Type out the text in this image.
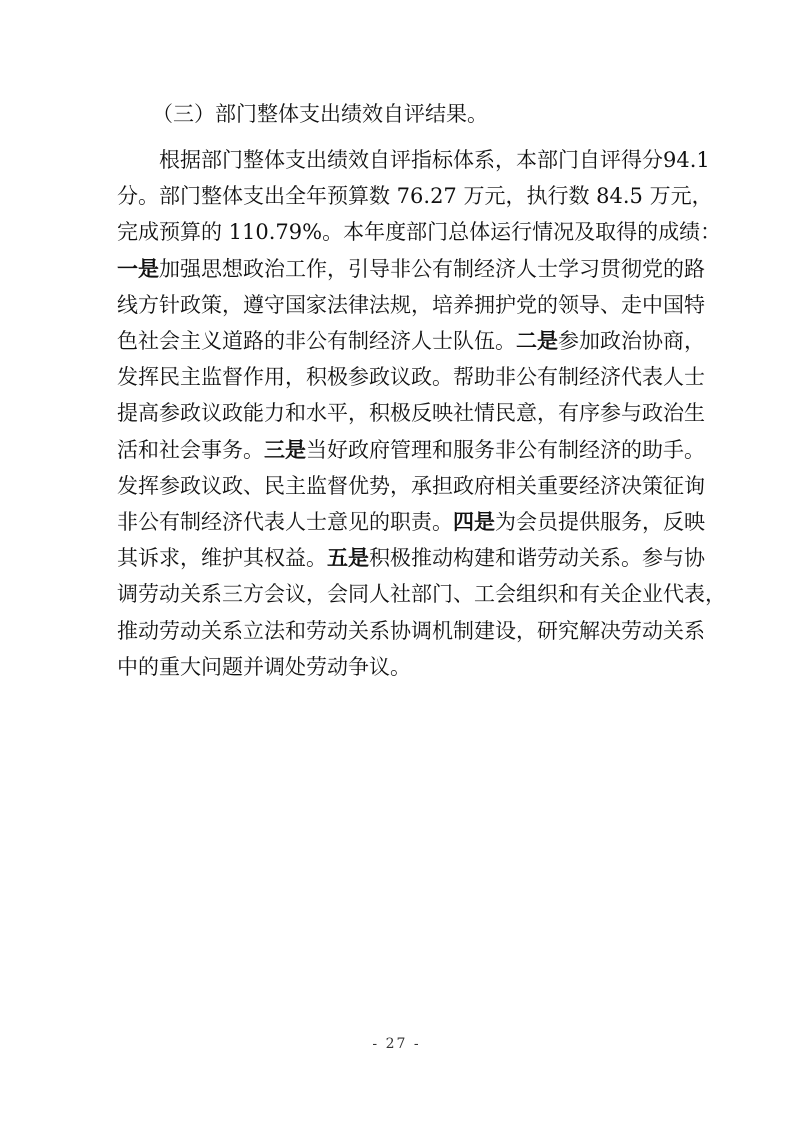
（三）部门整体支出绩效自评结果。
　　根据部门整体支出绩效自评指标体系，本部门自评得分94.1
分。部门整体支出全年预算数 76.27 万元，执行数 84.5 万元，
完成预算的 110.79%。本年度部门总体运行情况及取得的成绩：
一是加强思想政治工作，引导非公有制经济人士学习贯彻党的路
线方针政策，遵守国家法律法规，培养拥护党的领导、走中国特
色社会主义道路的非公有制经济人士队伍。二是参加政治协商，
发挥民主监督作用，积极参政议政。帮助非公有制经济代表人士
提高参政议政能力和水平，积极反映社情民意，有序参与政治生
活和社会事务。三是当好政府管理和服务非公有制经济的助手。
发挥参政议政、民主监督优势，承担政府相关重要经济决策征询
非公有制经济代表人士意见的职责。四是为会员提供服务，反映
其诉求，维护其权益。五是积极推动构建和谐劳动关系。参与协
调劳动关系三方会议，会同人社部门、工会组织和有关企业代表，
推动劳动关系立法和劳动关系协调机制建设，研究解决劳动关系
中的重大问题并调处劳动争议。
- 27 -
